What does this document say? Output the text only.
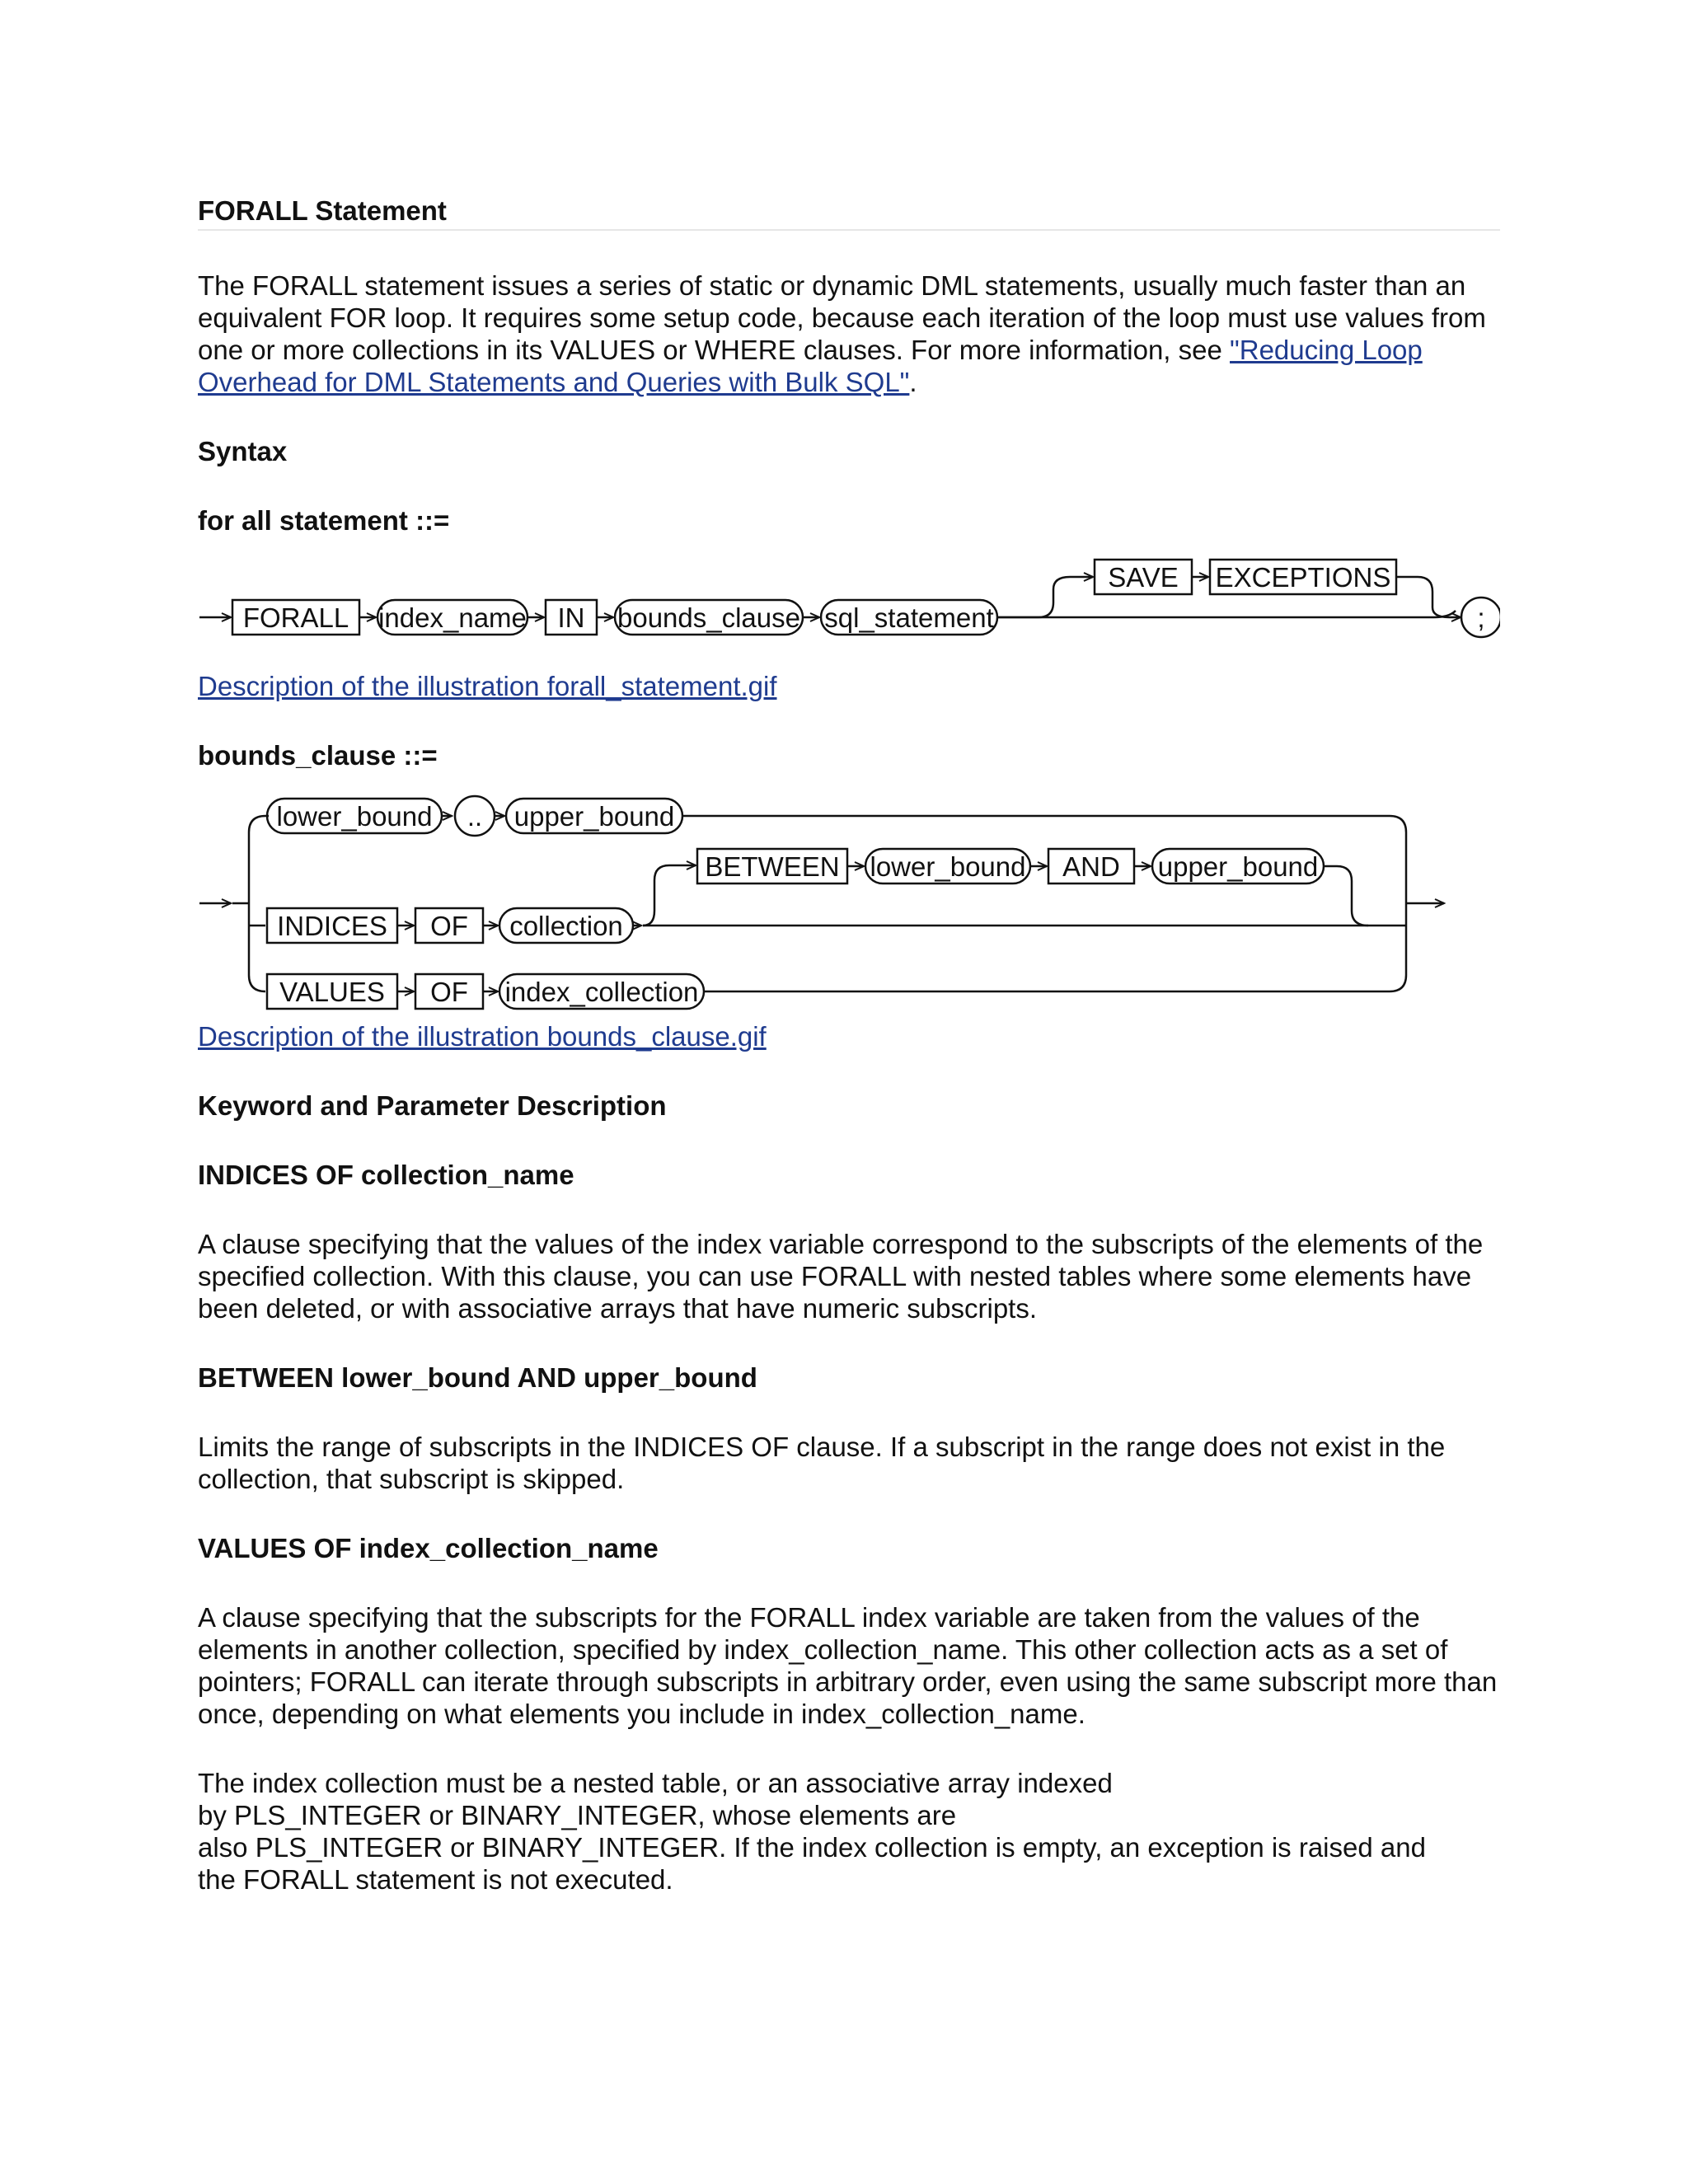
FORALL Statement

The FORALL statement issues a series of static or dynamic DML statements, usually much faster than an equivalent FOR loop. It requires some setup code, because each iteration of the loop must use values from one or more collections in its VALUES or WHERE clauses. For more information, see "Reducing Loop Overhead for DML Statements and Queries with Bulk SQL".

Syntax

for all statement ::=

FORALL index_name IN bounds_clause sql_statement
SAVE EXCEPTIONS
;

Description of the illustration forall_statement.gif

bounds_clause ::=

lower_bound .. upper_bound
INDICES OF collection
BETWEEN lower_bound AND upper_bound
VALUES OF index_collection

Description of the illustration bounds_clause.gif

Keyword and Parameter Description

INDICES OF collection_name

A clause specifying that the values of the index variable correspond to the subscripts of the elements of the specified collection. With this clause, you can use FORALL with nested tables where some elements have been deleted, or with associative arrays that have numeric subscripts.

BETWEEN lower_bound AND upper_bound

Limits the range of subscripts in the INDICES OF clause. If a subscript in the range does not exist in the collection, that subscript is skipped.

VALUES OF index_collection_name

A clause specifying that the subscripts for the FORALL index variable are taken from the values of the elements in another collection, specified by index_collection_name. This other collection acts as a set of pointers; FORALL can iterate through subscripts in arbitrary order, even using the same subscript more than once, depending on what elements you include in index_collection_name.

The index collection must be a nested table, or an associative array indexed

by PLS_INTEGER or BINARY_INTEGER, whose elements are

also PLS_INTEGER or BINARY_INTEGER. If the index collection is empty, an exception is raised and

the FORALL statement is not executed.
